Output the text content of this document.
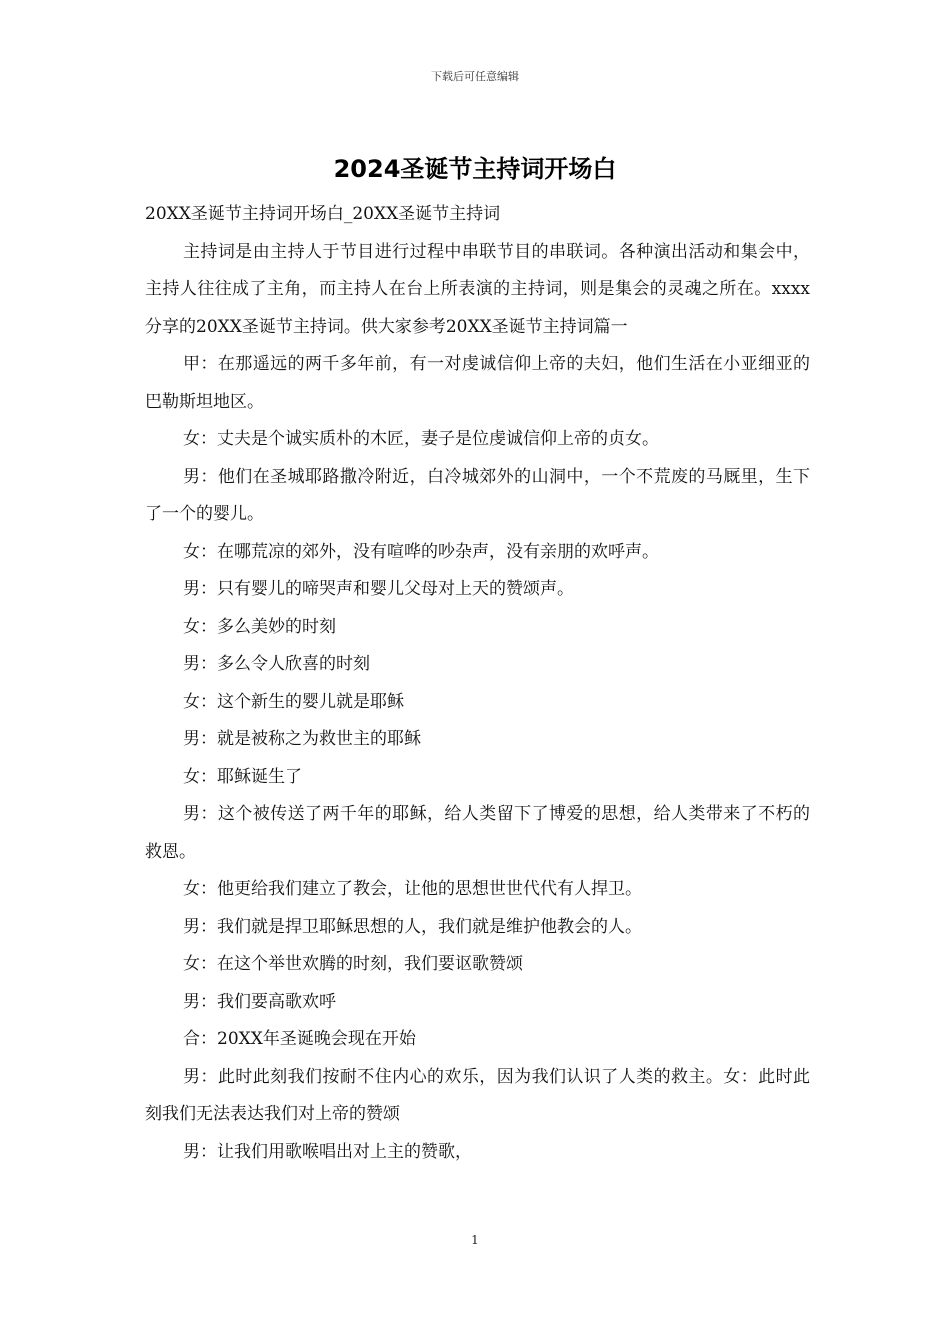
下载后可任意编辑
2024圣诞节主持词开场白

20XX圣诞节主持词开场白_20XX圣诞节主持词

主持词是由主持人于节目进行过程中串联节目的串联词。各种演出活动和集会中，主持人往往成了主角，而主持人在台上所表演的主持词，则是集会的灵魂之所在。xxxx分享的20XX圣诞节主持词。供大家参考20XX圣诞节主持词篇一

甲：在那遥远的两千多年前，有一对虔诚信仰上帝的夫妇，他们生活在小亚细亚的巴勒斯坦地区。

女：丈夫是个诚实质朴的木匠，妻子是位虔诚信仰上帝的贞女。

男：他们在圣城耶路撒冷附近，白冷城郊外的山洞中，一个不荒废的马厩里，生下了一个的婴儿。

女：在哪荒凉的郊外，没有喧哗的吵杂声，没有亲朋的欢呼声。

男：只有婴儿的啼哭声和婴儿父母对上天的赞颂声。

女：多么美妙的时刻

男：多么令人欣喜的时刻

女：这个新生的婴儿就是耶稣

男：就是被称之为救世主的耶稣

女：耶稣诞生了

男：这个被传送了两千年的耶稣，给人类留下了博爱的思想，给人类带来了不朽的救恩。

女：他更给我们建立了教会，让他的思想世世代代有人捍卫。

男：我们就是捍卫耶稣思想的人，我们就是维护他教会的人。

女：在这个举世欢腾的时刻，我们要讴歌赞颂

男：我们要高歌欢呼

合：20XX年圣诞晚会现在开始

男：此时此刻我们按耐不住内心的欢乐，因为我们认识了人类的救主。女：此时此刻我们无法表达我们对上帝的赞颂

男：让我们用歌喉唱出对上主的赞歌，

1
